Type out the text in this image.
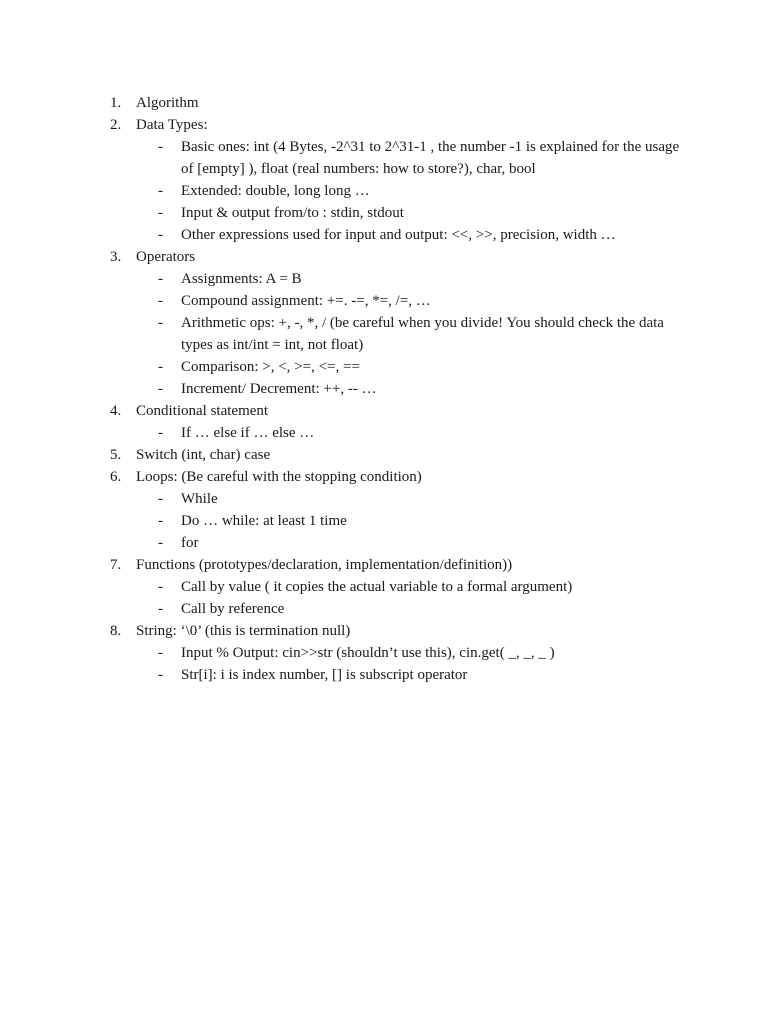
1. Algorithm
2. Data Types:
- Basic ones: int (4 Bytes, -2^31 to 2^31-1 , the number -1 is explained for the usage of [empty] ), float (real numbers: how to store?), char, bool
- Extended: double, long long …
- Input & output from/to : stdin, stdout
- Other expressions used for input and output: <<, >>, precision, width …
3. Operators
- Assignments: A = B
- Compound assignment: +=. -=, *=, /=, …
- Arithmetic ops: +, -, *, / (be careful when you divide! You should check the data types as int/int = int, not float)
- Comparison: >, <, >=, <=, ==
- Increment/ Decrement: ++, -- …
4. Conditional statement
- If … else if … else …
5. Switch (int, char) case
6. Loops: (Be careful with the stopping condition)
- While
- Do … while: at least 1 time
- for
7. Functions (prototypes/declaration, implementation/definition))
- Call by value ( it copies the actual variable to a formal argument)
- Call by reference
8. String: ‘\0’ (this is termination null)
- Input % Output: cin>>str (shouldn’t use this), cin.get( _, _, _ )
- Str[i]: i is index number, [] is subscript operator
